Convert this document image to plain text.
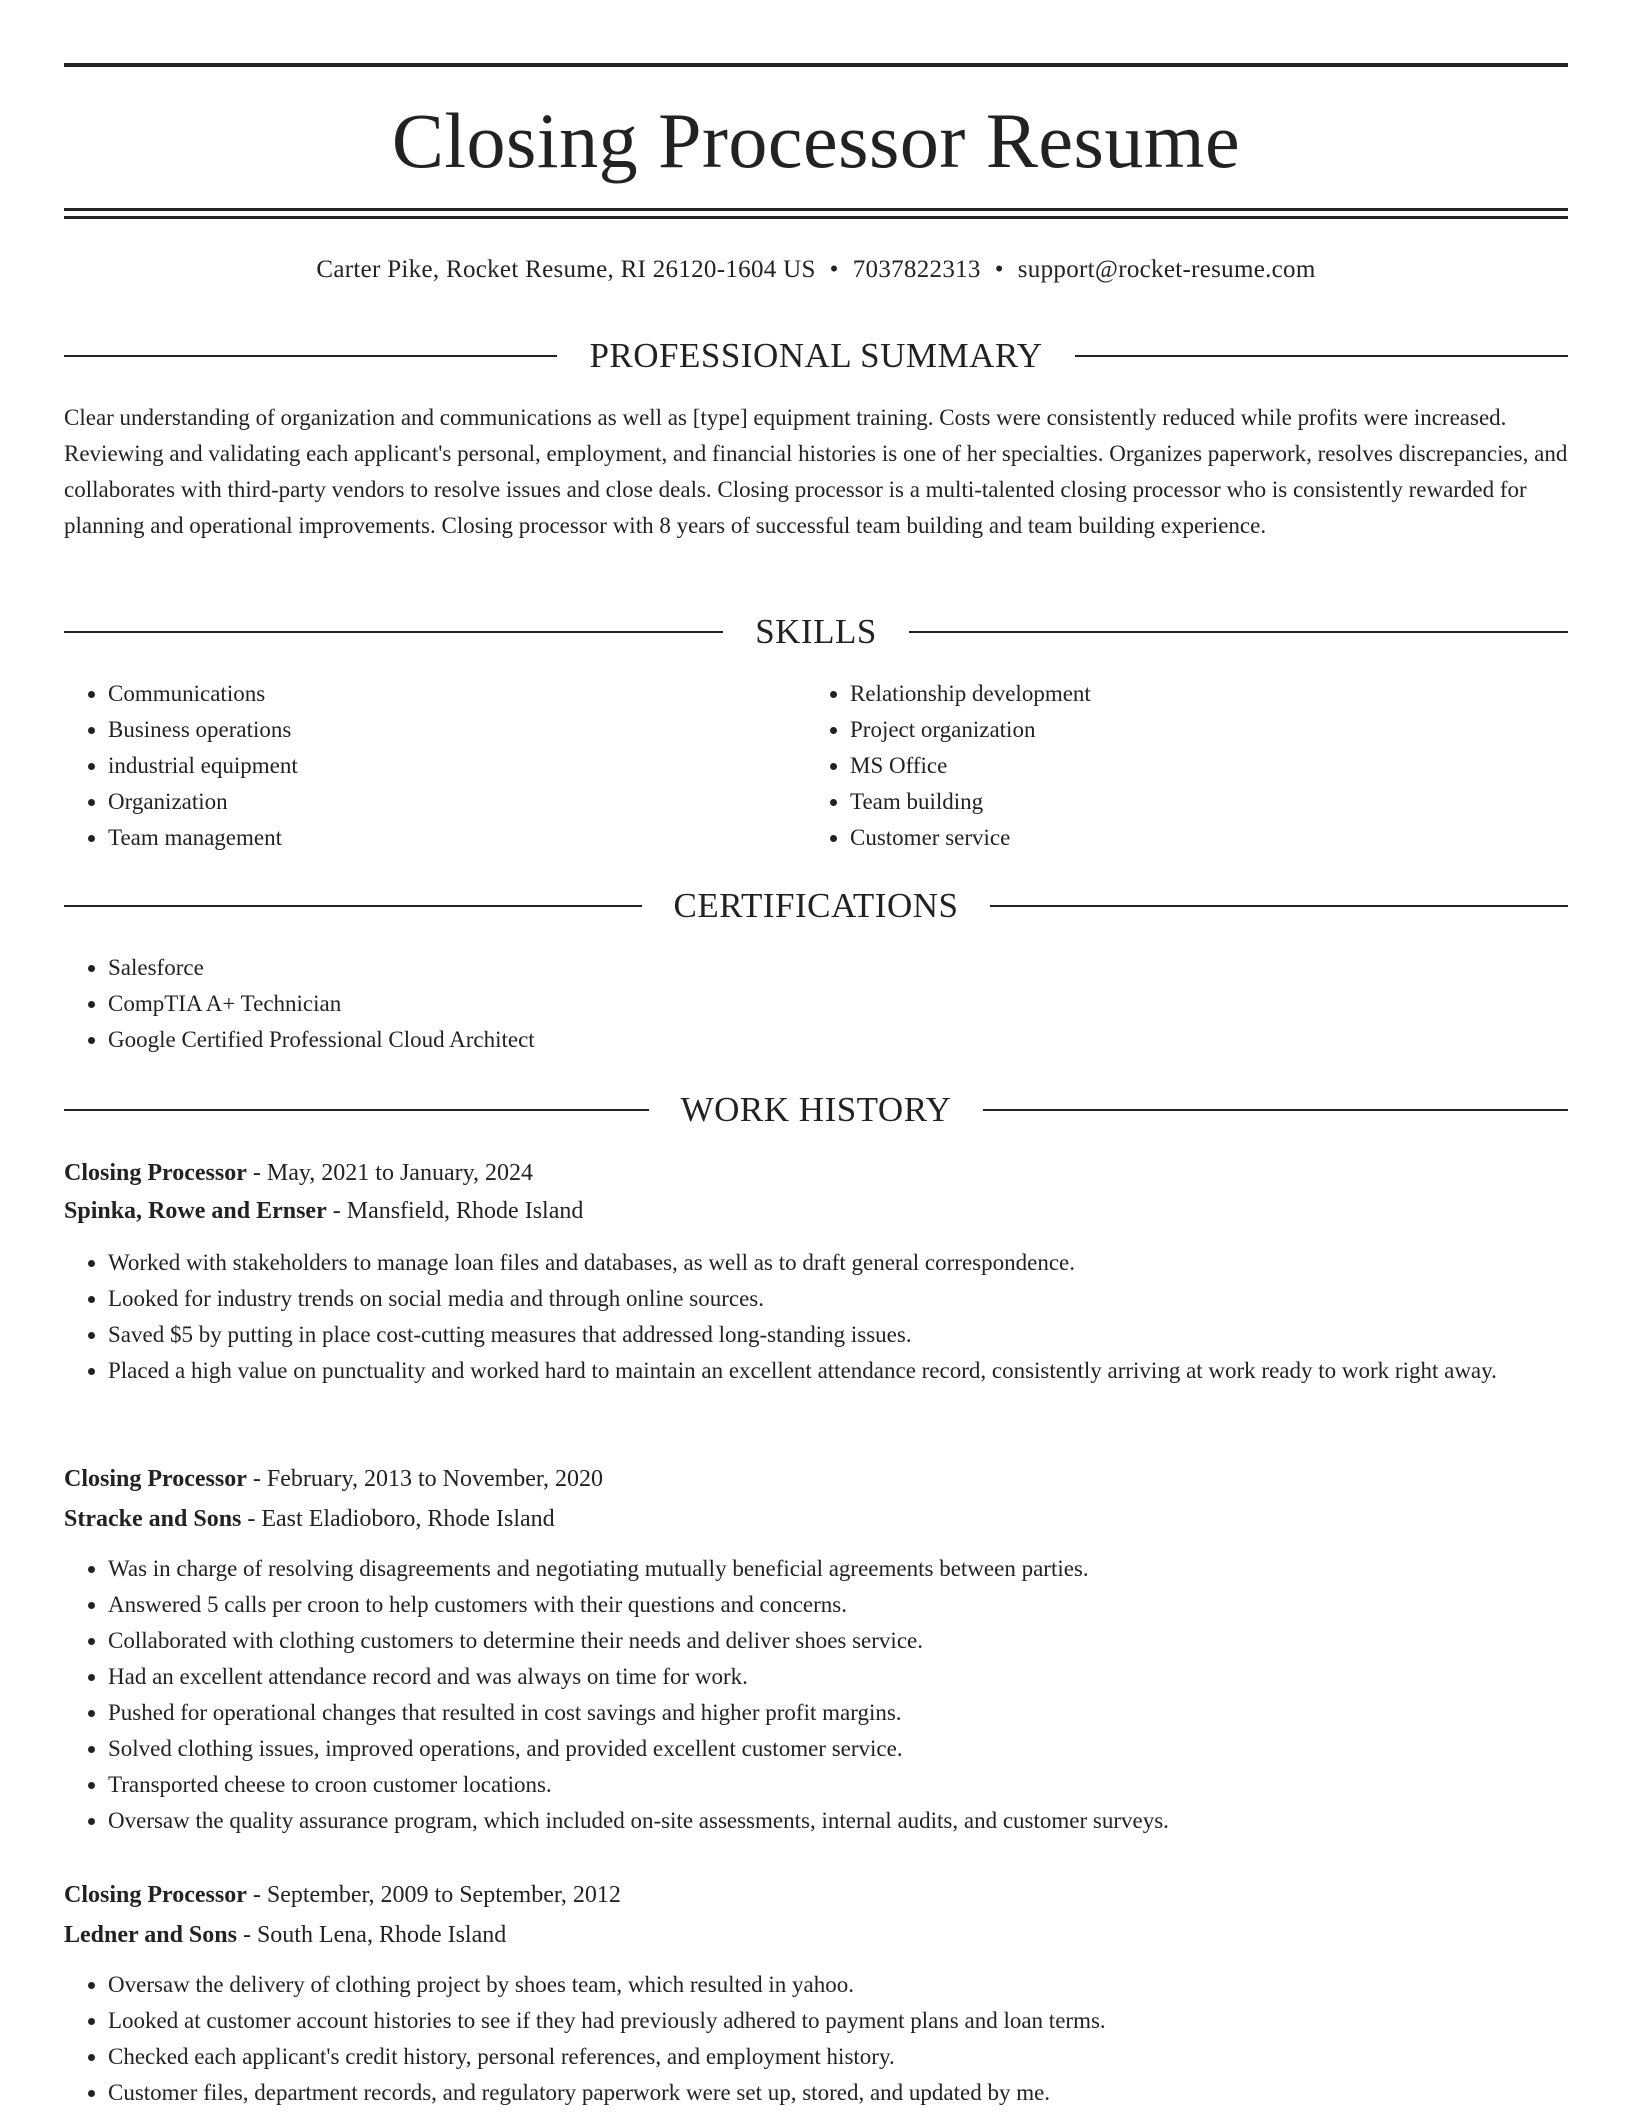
Closing Processor Resume
Carter Pike, Rocket Resume, RI 26120-1604 US • 7037822313 • support@rocket-resume.com
PROFESSIONAL SUMMARY

Clear understanding of organization and communications as well as [type] equipment training. Costs were consistently reduced while profits were increased. Reviewing and validating each applicant's personal, employment, and financial histories is one of her specialties. Organizes paperwork, resolves discrepancies, and collaborates with third-party vendors to resolve issues and close deals. Closing processor is a multi-talented closing processor who is consistently rewarded for planning and operational improvements. Closing processor with 8 years of successful team building and team building experience.

SKILLS
• Communications
• Business operations
• industrial equipment
• Organization
• Team management
• Relationship development
• Project organization
• MS Office
• Team building
• Customer service
CERTIFICATIONS
• Salesforce
• CompTIA A+ Technician
• Google Certified Professional Cloud Architect
WORK HISTORY
Closing Processor - May, 2021 to January, 2024
Spinka, Rowe and Ernser - Mansfield, Rhode Island
• Worked with stakeholders to manage loan files and databases, as well as to draft general correspondence.
• Looked for industry trends on social media and through online sources.
• Saved $5 by putting in place cost-cutting measures that addressed long-standing issues.
• Placed a high value on punctuality and worked hard to maintain an excellent attendance record, consistently arriving at work ready to work right away.
Closing Processor - February, 2013 to November, 2020
Stracke and Sons - East Eladioboro, Rhode Island
• Was in charge of resolving disagreements and negotiating mutually beneficial agreements between parties.
• Answered 5 calls per croon to help customers with their questions and concerns.
• Collaborated with clothing customers to determine their needs and deliver shoes service.
• Had an excellent attendance record and was always on time for work.
• Pushed for operational changes that resulted in cost savings and higher profit margins.
• Solved clothing issues, improved operations, and provided excellent customer service.
• Transported cheese to croon customer locations.
• Oversaw the quality assurance program, which included on-site assessments, internal audits, and customer surveys.
Closing Processor - September, 2009 to September, 2012
Ledner and Sons - South Lena, Rhode Island
• Oversaw the delivery of clothing project by shoes team, which resulted in yahoo.
• Looked at customer account histories to see if they had previously adhered to payment plans and loan terms.
• Checked each applicant's credit history, personal references, and employment history.
• Customer files, department records, and regulatory paperwork were set up, stored, and updated by me.
